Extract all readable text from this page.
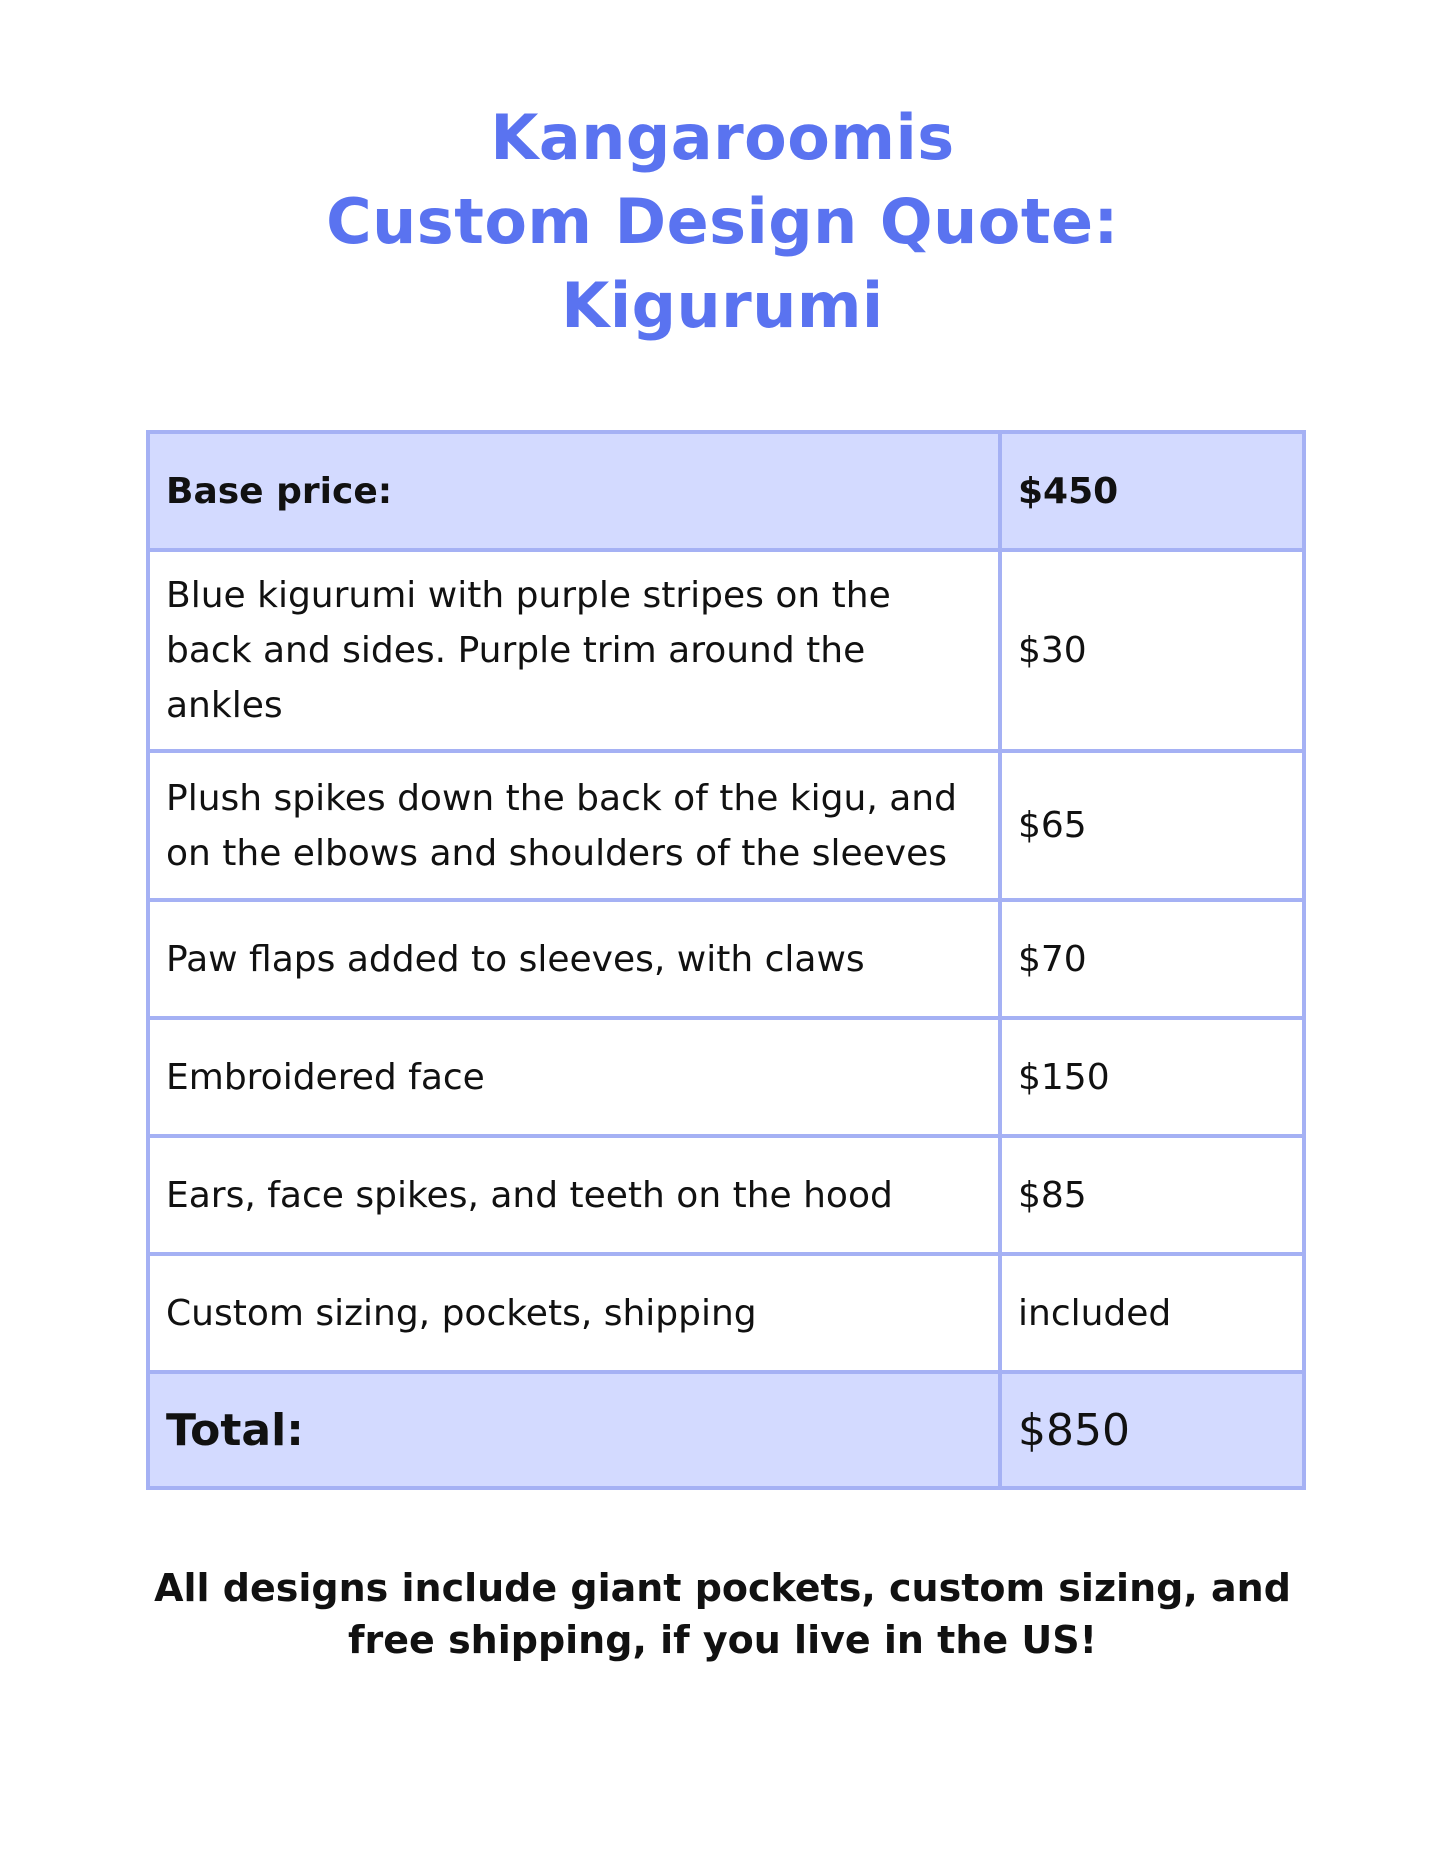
Kangaroomis
Custom Design Quote:
Kigurumi
Base price:	$450
Blue kigurumi with purple stripes on the back and sides. Purple trim around the ankles	$30
Plush spikes down the back of the kigu, and on the elbows and shoulders of the sleeves	$65
Paw flaps added to sleeves, with claws	$70
Embroidered face	$150
Ears, face spikes, and teeth on the hood	$85
Custom sizing, pockets, shipping	included
Total:	$850
All designs include giant pockets, custom sizing, and
free shipping, if you live in the US!
